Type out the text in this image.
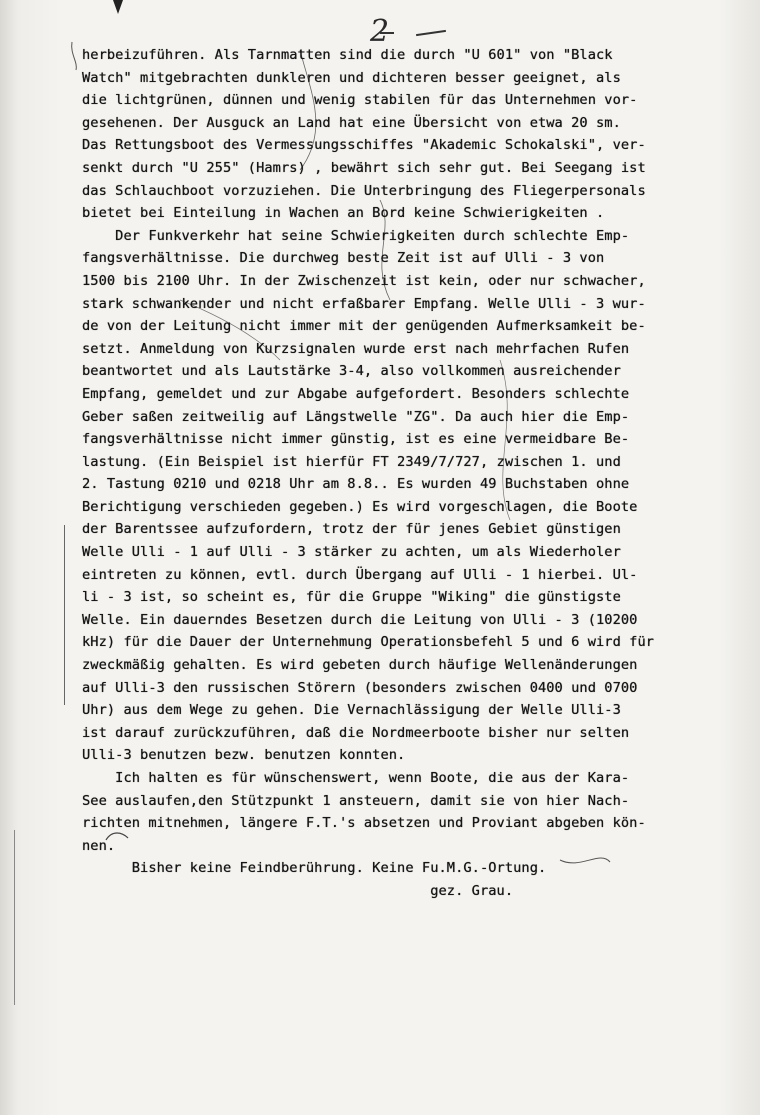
2
herbeizuführen. Als Tarnmatten sind die durch "U 601" von "Black
Watch" mitgebrachten dunkleren und dichteren besser geeignet, als
die lichtgrünen, dünnen und wenig stabilen für das Unternehmen vor-
gesehenen. Der Ausguck an Land hat eine Übersicht von etwa 20 sm.
Das Rettungsboot des Vermessungsschiffes "Akademic Schokalski", ver-
senkt durch "U 255" (Hamrs) , bewährt sich sehr gut. Bei Seegang ist
das Schlauchboot vorzuziehen. Die Unterbringung des Fliegerpersonals
bietet bei Einteilung in Wachen an Bord keine Schwierigkeiten .
Der Funkverkehr hat seine Schwierigkeiten durch schlechte Emp-
fangsverhältnisse. Die durchweg beste Zeit ist auf Ulli - 3 von
1500 bis 2100 Uhr. In der Zwischenzeit ist kein, oder nur schwacher,
stark schwankender und nicht erfaßbarer Empfang. Welle Ulli - 3 wur-
de von der Leitung nicht immer mit der genügenden Aufmerksamkeit be-
setzt. Anmeldung von Kurzsignalen wurde erst nach mehrfachen Rufen
beantwortet und als Lautstärke 3-4, also vollkommen ausreichender
Empfang, gemeldet und zur Abgabe aufgefordert. Besonders schlechte
Geber saßen zeitweilig auf Längstwelle "ZG". Da auch hier die Emp-
fangsverhältnisse nicht immer günstig, ist es eine vermeidbare Be-
lastung. (Ein Beispiel ist hierfür FT 2349/7/727, zwischen 1. und
2. Tastung 0210 und 0218 Uhr am 8.8.. Es wurden 49 Buchstaben ohne
Berichtigung verschieden gegeben.) Es wird vorgeschlagen, die Boote
der Barentssee aufzufordern, trotz der für jenes Gebiet günstigen
Welle Ulli - 1 auf Ulli - 3 stärker zu achten, um als Wiederholer
eintreten zu können, evtl. durch Übergang auf Ulli - 1 hierbei. Ul-
li - 3 ist, so scheint es, für die Gruppe "Wiking" die günstigste
Welle. Ein dauerndes Besetzen durch die Leitung von Ulli - 3 (10200
kHz) für die Dauer der Unternehmung Operationsbefehl 5 und 6 wird für
zweckmäßig gehalten. Es wird gebeten durch häufige Wellenänderungen
auf Ulli-3 den russischen Störern (besonders zwischen 0400 und 0700
Uhr) aus dem Wege zu gehen. Die Vernachlässigung der Welle Ulli-3
ist darauf zurückzuführen, daß die Nordmeerboote bisher nur selten
Ulli-3 benutzen bezw. benutzen konnten.
Ich halten es für wünschenswert, wenn Boote, die aus der Kara-
See auslaufen,den Stützpunkt 1 ansteuern, damit sie von hier Nach-
richten mitnehmen, längere F.T.'s absetzen und Proviant abgeben kön-
nen.
Bisher keine Feindberührung. Keine Fu.M.G.-Ortung.
gez. Grau.
